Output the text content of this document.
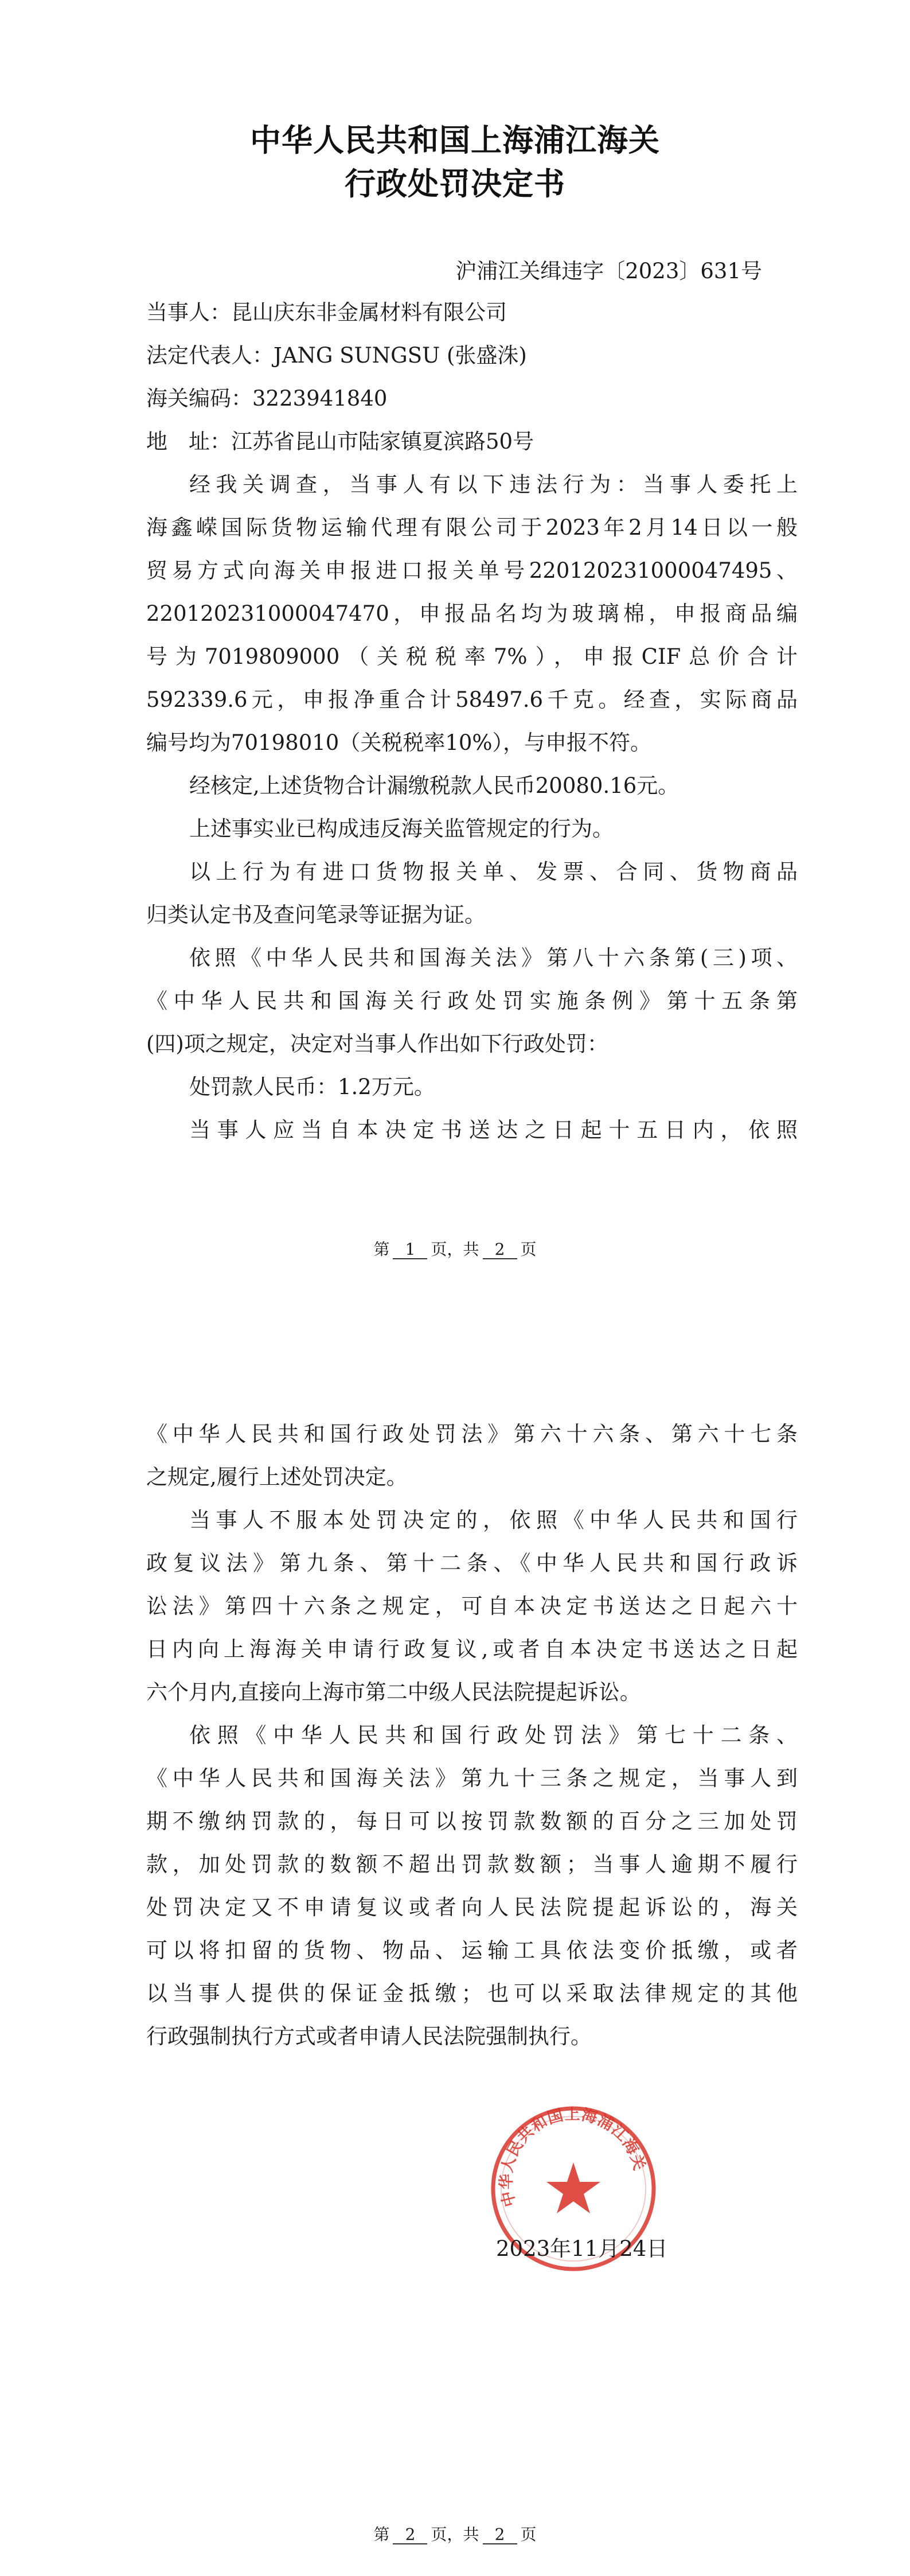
中华人民共和国上海浦江海关
行政处罚决定书
沪浦江关缉违字〔2023〕631号
当事人：昆山庆东非金属材料有限公司
法定代表人：JANG SUNGSU (张盛洙)
海关编码：3223941840
地　址：江苏省昆山市陆家镇夏滨路50号
经我关调查，当事人有以下违法行为：当事人委托上
海鑫嵘国际货物运输代理有限公司于2023年2月14日以一般
贸易方式向海关申报进口报关单号220120231000047495、
220120231000047470，申报品名均为玻璃棉，申报商品编
号为7019809000（关税税率7%），申报CIF总价合计
592339.6元，申报净重合计58497.6千克。经查，实际商品
编号均为70198010（关税税率10%），与申报不符。
经核定,上述货物合计漏缴税款人民币20080.16元。
上述事实业已构成违反海关监管规定的行为。
以上行为有进口货物报关单、发票、合同、货物商品
归类认定书及查问笔录等证据为证。
依照《中华人民共和国海关法》第八十六条第(三)项、
《中华人民共和国海关行政处罚实施条例》第十五条第
(四)项之规定，决定对当事人作出如下行政处罚：
处罚款人民币：1.2万元。
当事人应当自本决定书送达之日起十五日内，依照
第 1 页，共 2 页
《中华人民共和国行政处罚法》第六十六条、第六十七条
之规定,履行上述处罚决定。
当事人不服本处罚决定的，依照《中华人民共和国行
政复议法》第九条、第十二条、《中华人民共和国行政诉
讼法》第四十六条之规定，可自本决定书送达之日起六十
日内向上海海关申请行政复议,或者自本决定书送达之日起
六个月内,直接向上海市第二中级人民法院提起诉讼。
依照《中华人民共和国行政处罚法》第七十二条、
《中华人民共和国海关法》第九十三条之规定，当事人到
期不缴纳罚款的，每日可以按罚款数额的百分之三加处罚
款，加处罚款的数额不超出罚款数额；当事人逾期不履行
处罚决定又不申请复议或者向人民法院提起诉讼的，海关
可以将扣留的货物、物品、运输工具依法变价抵缴，或者
以当事人提供的保证金抵缴；也可以采取法律规定的其他
行政强制执行方式或者申请人民法院强制执行。
中华人民共和国上海浦江海关
2023年11月24日
第 2 页，共 2 页
